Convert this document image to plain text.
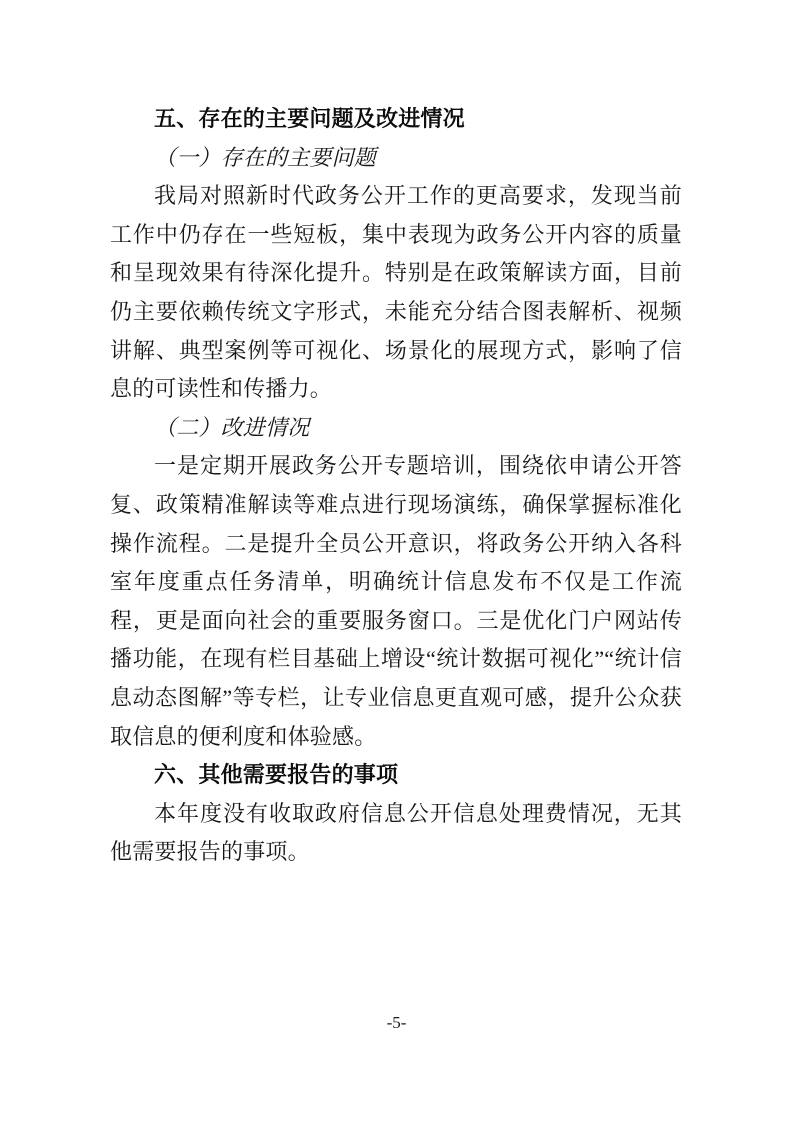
五、存在的主要问题及改进情况
（一）存在的主要问题

我局对照新时代政务公开工作的更高要求，发现当前工作中仍存在一些短板，集中表现为政务公开内容的质量和呈现效果有待深化提升。特别是在政策解读方面，目前仍主要依赖传统文字形式，未能充分结合图表解析、视频讲解、典型案例等可视化、场景化的展现方式，影响了信息的可读性和传播力。

（二）改进情况

一是定期开展政务公开专题培训，围绕依申请公开答复、政策精准解读等难点进行现场演练，确保掌握标准化操作流程。二是提升全员公开意识，将政务公开纳入各科室年度重点任务清单，明确统计信息发布不仅是工作流程，更是面向社会的重要服务窗口。三是优化门户网站传播功能，在现有栏目基础上增设“统计数据可视化”“统计信息动态图解”等专栏，让专业信息更直观可感，提升公众获取信息的便利度和体验感。

六、其他需要报告的事项

本年度没有收取政府信息公开信息处理费情况，无其他需要报告的事项。

-5-
